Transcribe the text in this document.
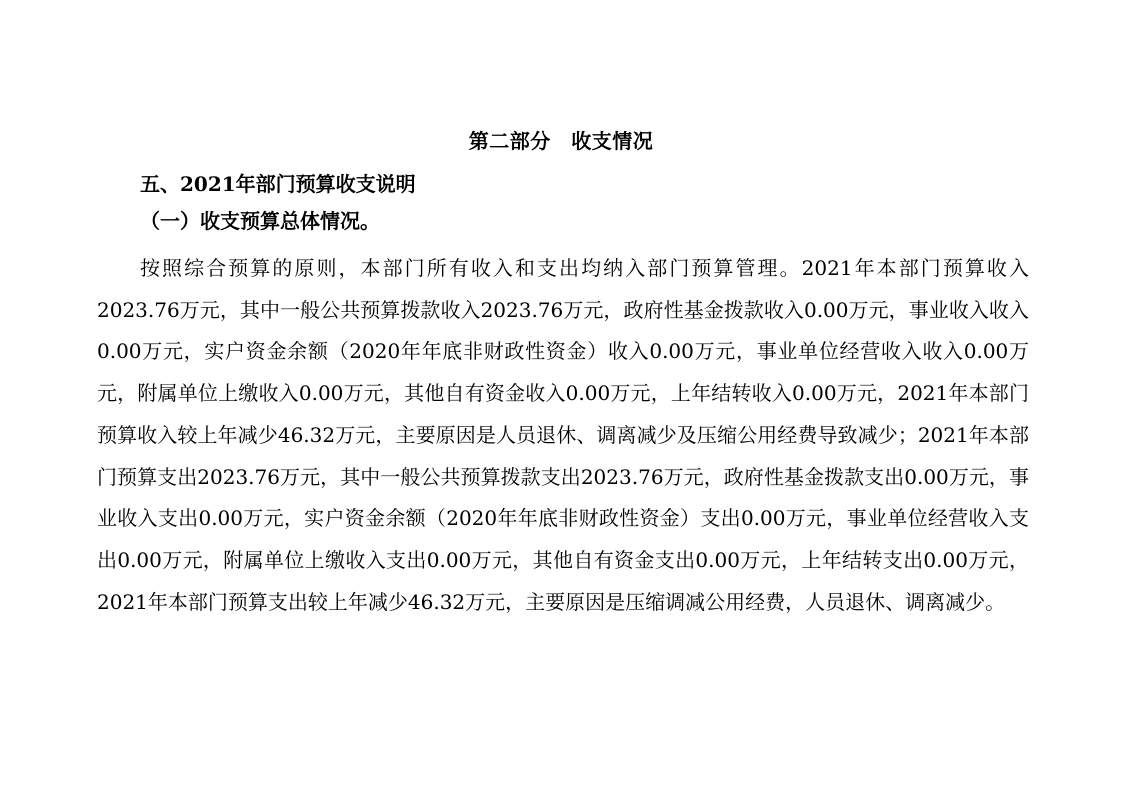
第二部分　收支情况
五、2021年部门预算收支说明
（一）收支预算总体情况。

按照综合预算的原则，本部门所有收入和支出均纳入部门预算管理。2021年本部门预算收入2023.76万元，其中一般公共预算拨款收入2023.76万元，政府性基金拨款收入0.00万元，事业收入收入0.00万元，实户资金余额（2020年年底非财政性资金）收入0.00万元，事业单位经营收入收入0.00万元，附属单位上缴收入0.00万元，其他自有资金收入0.00万元，上年结转收入0.00万元，2021年本部门预算收入较上年减少46.32万元，主要原因是人员退休、调离减少及压缩公用经费导致减少；2021年本部门预算支出2023.76万元，其中一般公共预算拨款支出2023.76万元，政府性基金拨款支出0.00万元，事业收入支出0.00万元，实户资金余额（2020年年底非财政性资金）支出0.00万元，事业单位经营收入支出0.00万元，附属单位上缴收入支出0.00万元，其他自有资金支出0.00万元，上年结转支出0.00万元，2021年本部门预算支出较上年减少46.32万元，主要原因是压缩调减公用经费，人员退休、调离减少。
